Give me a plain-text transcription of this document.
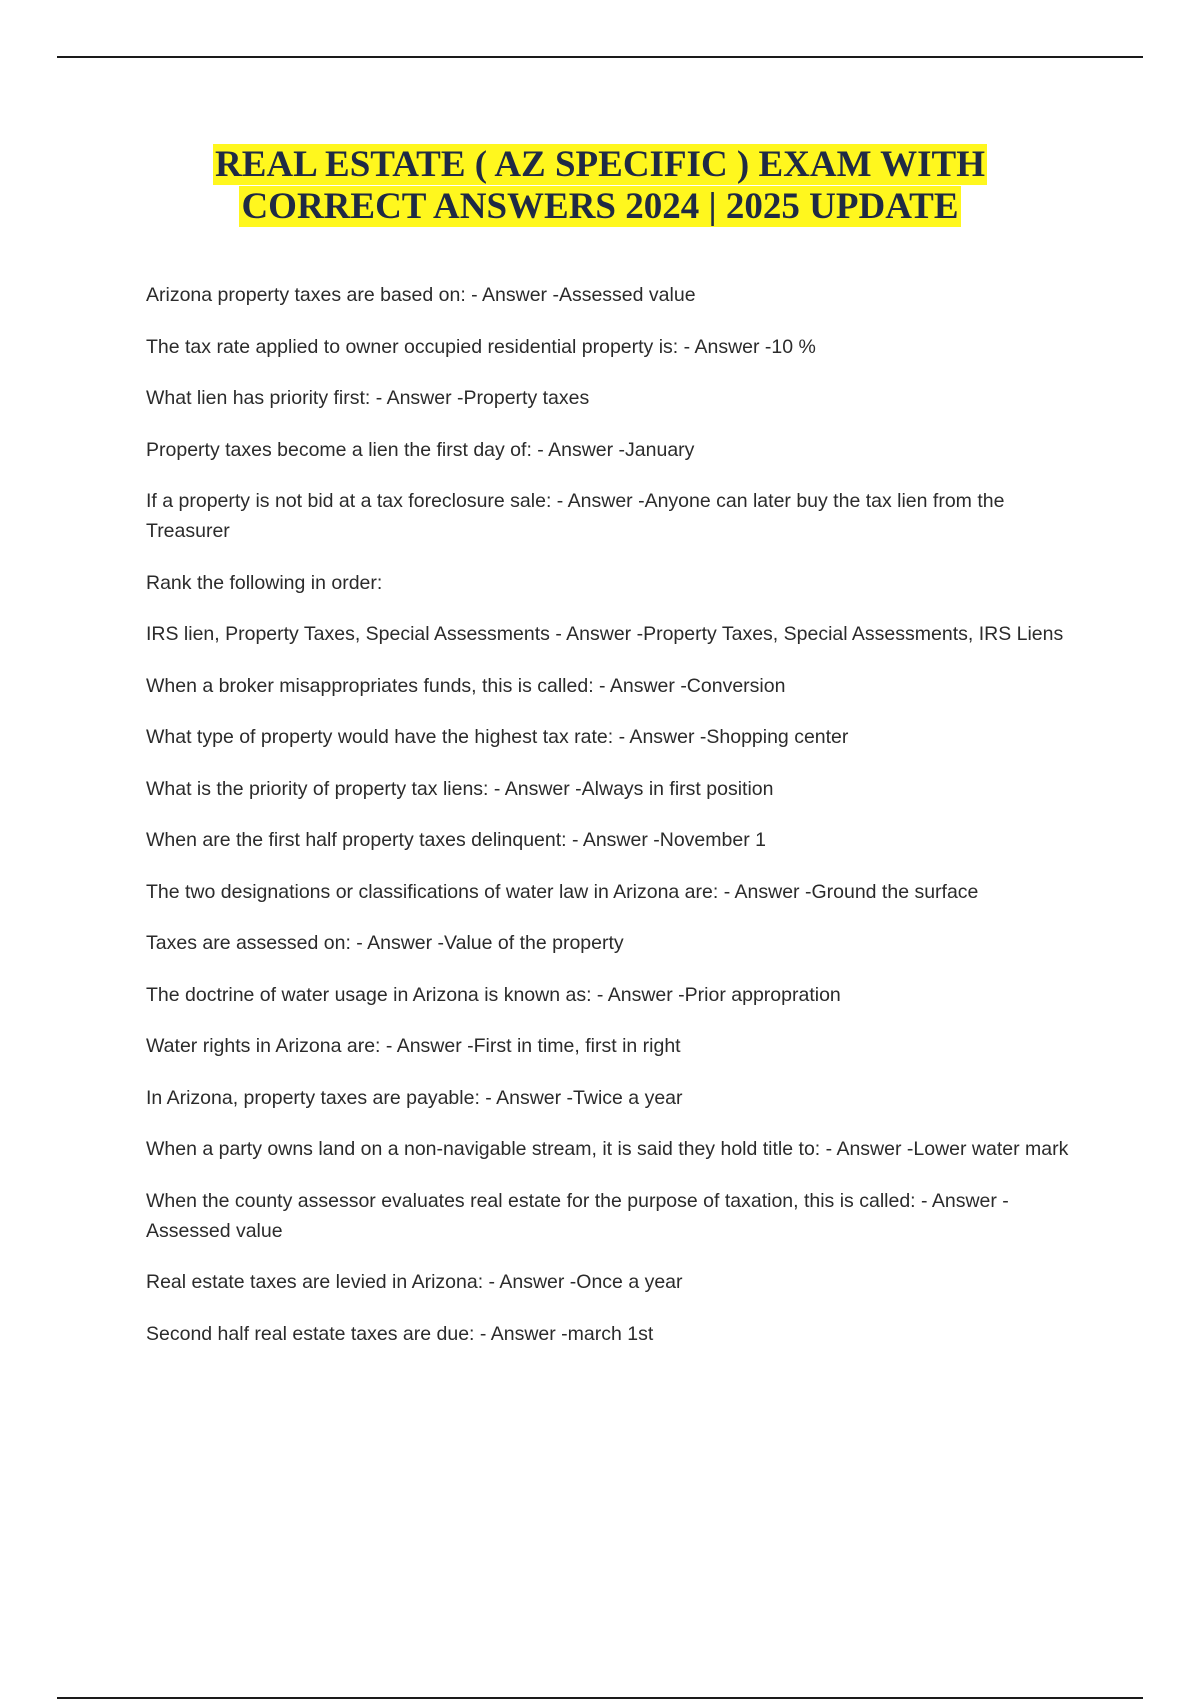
REAL ESTATE ( AZ SPECIFIC ) EXAM WITH
CORRECT ANSWERS 2024 | 2025 UPDATE
Arizona property taxes are based on: - Answer -Assessed value
The tax rate applied to owner occupied residential property is: - Answer -10 %
What lien has priority first: - Answer -Property taxes
Property taxes become a lien the first day of: - Answer -January
If a property is not bid at a tax foreclosure sale: - Answer -Anyone can later buy the tax lien from the Treasurer
Rank the following in order:
IRS lien, Property Taxes, Special Assessments - Answer -Property Taxes, Special Assessments, IRS Liens
When a broker misappropriates funds, this is called: - Answer -Conversion
What type of property would have the highest tax rate: - Answer -Shopping center
What is the priority of property tax liens: - Answer -Always in first position
When are the first half property taxes delinquent: - Answer -November 1
The two designations or classifications of water law in Arizona are: - Answer -Ground the surface
Taxes are assessed on: - Answer -Value of the property
The doctrine of water usage in Arizona is known as: - Answer -Prior appropration
Water rights in Arizona are: - Answer -First in time, first in right
In Arizona, property taxes are payable: - Answer -Twice a year
When a party owns land on a non-navigable stream, it is said they hold title to: - Answer -Lower water mark
When the county assessor evaluates real estate for the purpose of taxation, this is called: - Answer - Assessed value
Real estate taxes are levied in Arizona: - Answer -Once a year
Second half real estate taxes are due: - Answer -march 1st
